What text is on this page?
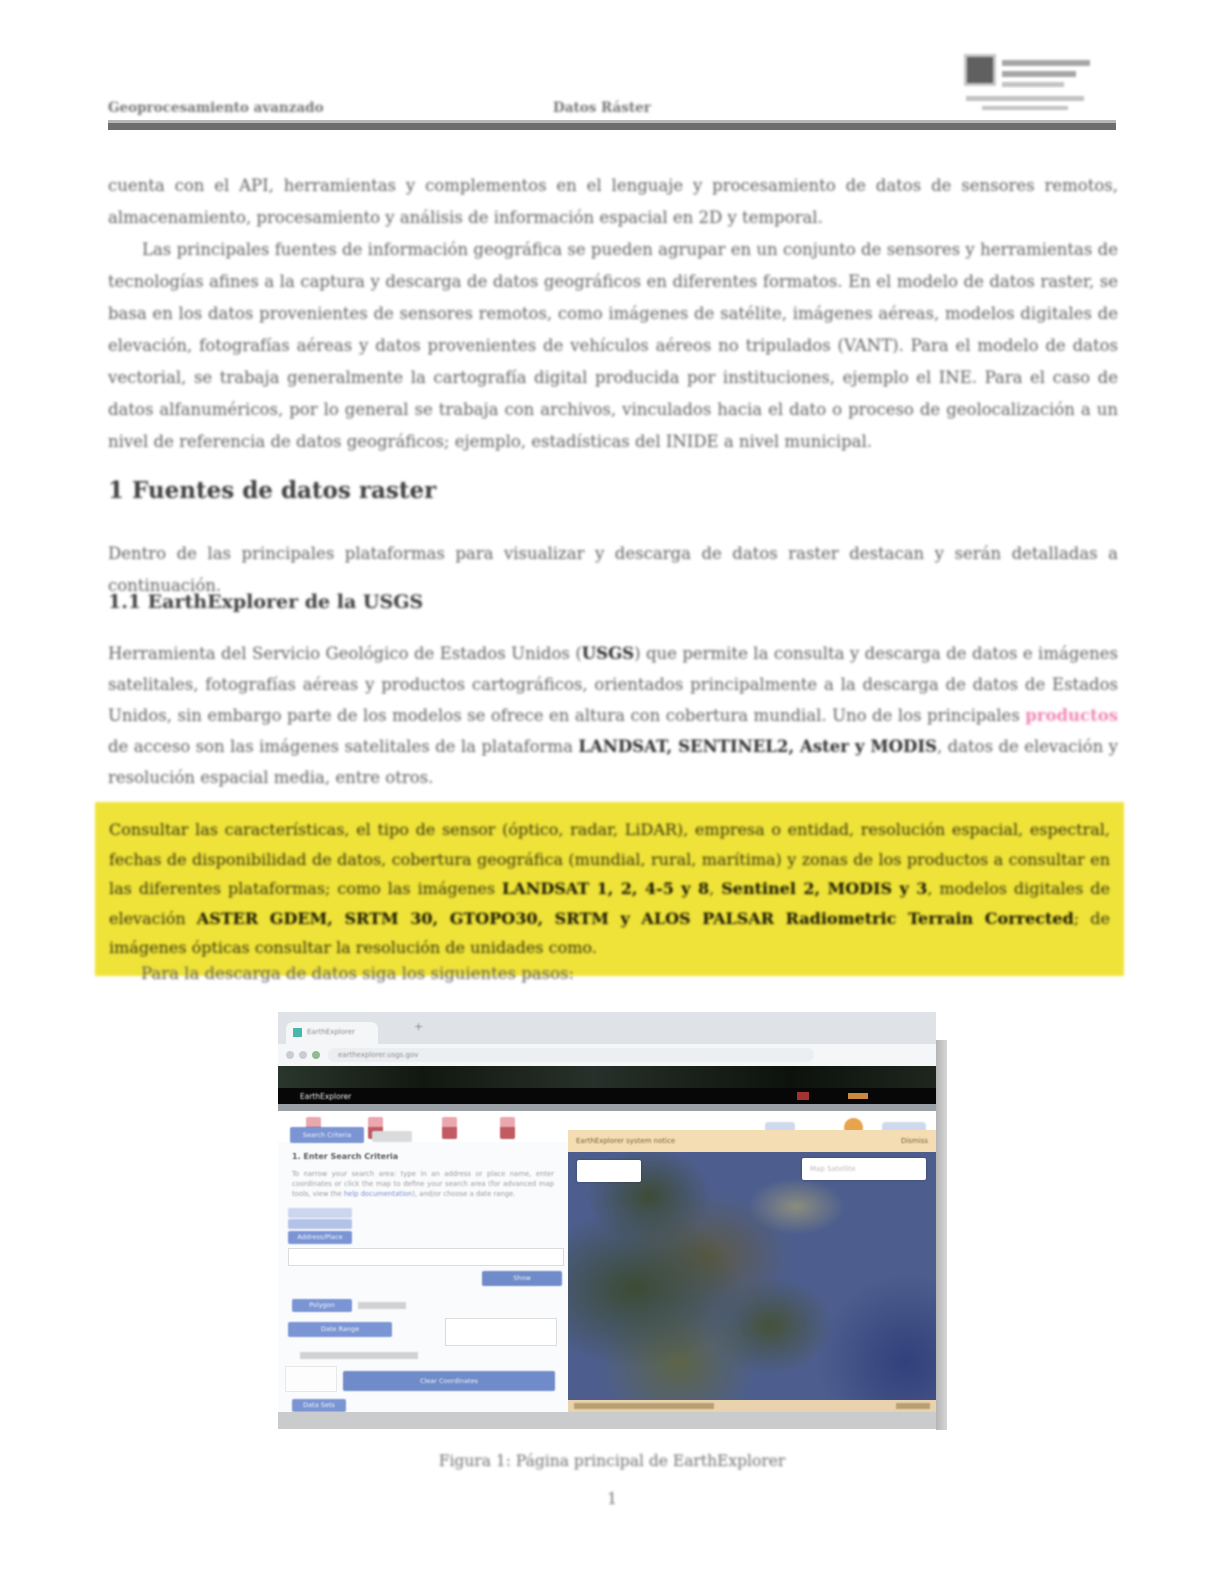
Geoprocesamiento avanzado	Datos Ráster
cuenta con el API, herramientas y complementos en el lenguaje y procesamiento de datos de sensores remotos, almacenamiento, procesamiento y análisis de información espacial en 2D y temporal.
Las principales fuentes de información geográfica se pueden agrupar en un conjunto de sensores y herramientas de tecnologías afines a la captura y descarga de datos geográficos en diferentes formatos. En el modelo de datos raster, se basa en los datos provenientes de sensores remotos, como imágenes de satélite, imágenes aéreas, modelos digitales de elevación, fotografías aéreas y datos provenientes de vehículos aéreos no tripulados (VANT). Para el modelo de datos vectorial, se trabaja generalmente la cartografía digital producida por instituciones, ejemplo el INE. Para el caso de datos alfanuméricos, por lo general se trabaja con archivos, vinculados hacia el dato o proceso de geolocalización a un nivel de referencia de datos geográficos; ejemplo, estadísticas del INIDE a nivel municipal.
1 Fuentes de datos raster
Dentro de las principales plataformas para visualizar y descarga de datos raster destacan y serán detalladas a continuación.
1.1 EarthExplorer de la USGS
Herramienta del Servicio Geológico de Estados Unidos (USGS) que permite la consulta y descarga de datos e imágenes satelitales, fotografías aéreas y productos cartográficos, orientados principalmente a la descarga de datos de Estados Unidos, sin embargo parte de los modelos se ofrece en altura con cobertura mundial. Uno de los principales productos de acceso son las imágenes satelitales de la plataforma LANDSAT, SENTINEL2, Aster y MODIS, datos de elevación y resolución espacial media, entre otros.
Consultar las características, el tipo de sensor (óptico, radar, LiDAR), empresa o entidad, resolución espacial, espectral, fechas de disponibilidad de datos, cobertura geográfica (mundial, rural, marítima) y zonas de los productos a consultar en las diferentes plataformas; como las imágenes LANDSAT 1, 2, 4-5 y 8, Sentinel 2, MODIS y 3, modelos digitales de elevación ASTER GDEM, SRTM 30, GTOPO30, SRTM y ALOS PALSAR Radiometric Terrain Corrected; de imágenes ópticas consultar la resolución de unidades como.
Para la descarga de datos siga los siguientes pasos:
EarthExplorer	+
earthexplorer.usgs.gov
EarthExplorer
Search Criteria
1. Enter Search Criteria
To narrow your search area: type in an address or place name, enter coordinates or click the map to define your search area (for advanced map tools, view the help documentation), and/or choose a date range.
Address/Place
Show
Polygon
Date Range
Clear Coordinates
Data Sets
EarthExplorer system notice	Dismiss
Map Satellite
Figura 1: Página principal de EarthExplorer
1
